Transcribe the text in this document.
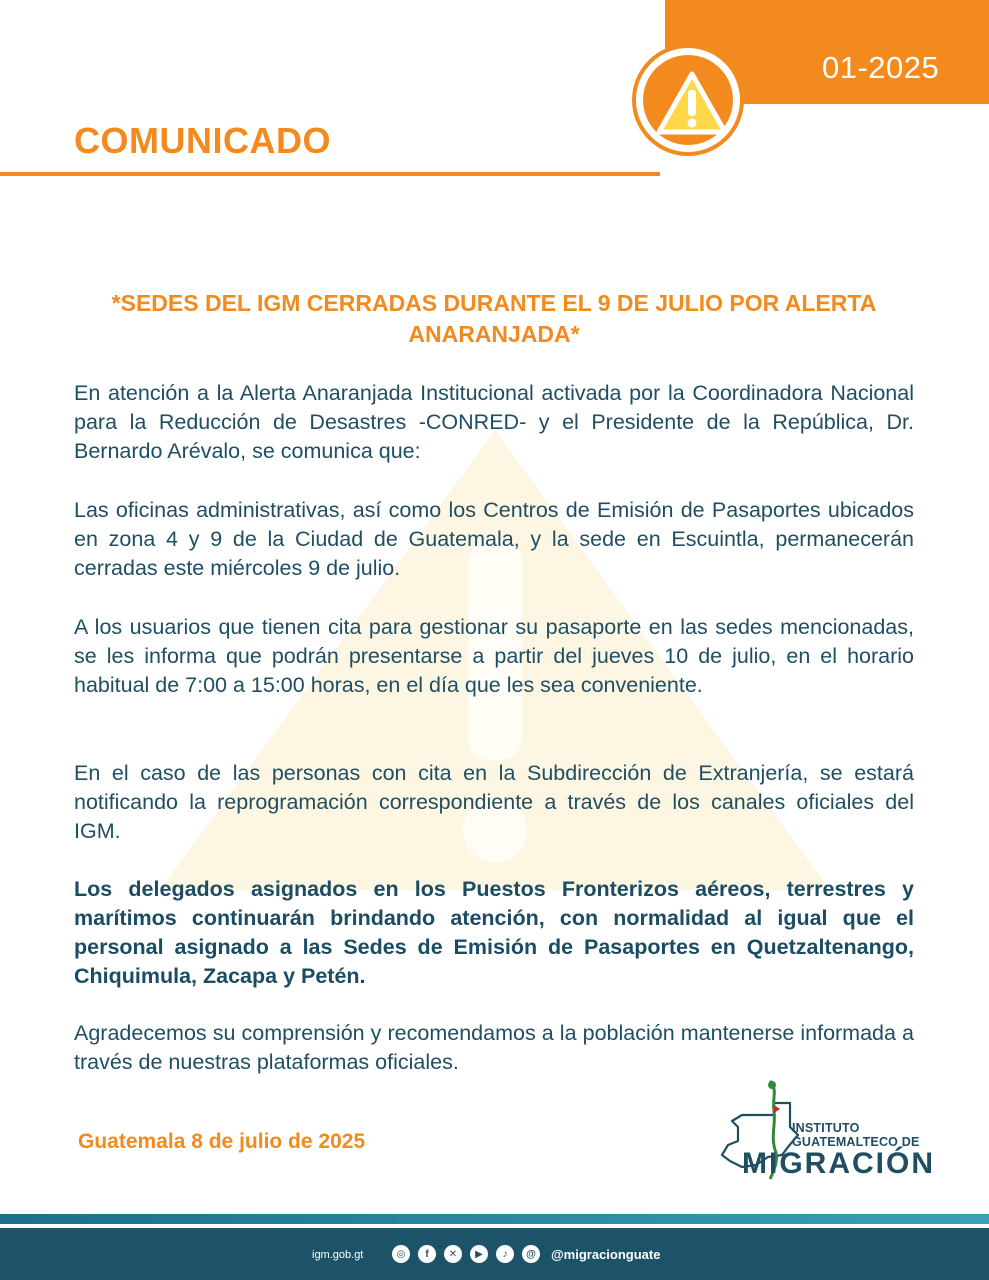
01-2025
COMUNICADO
*SEDES DEL IGM CERRADAS DURANTE EL 9 DE JULIO POR ALERTA ANARANJADA*
En atención a la Alerta Anaranjada Institucional activada por la Coordinadora Nacional para la Reducción de Desastres -CONRED- y el Presidente de la República, Dr. Bernardo Arévalo, se comunica que:
Las oficinas administrativas, así como los Centros de Emisión de Pasaportes ubicados en zona 4 y 9 de la Ciudad de Guatemala, y la sede en Escuintla, permanecerán cerradas este miércoles 9 de julio.
A los usuarios que tienen cita para gestionar su pasaporte en las sedes mencionadas, se les informa que podrán presentarse a partir del jueves 10 de julio, en el horario habitual de 7:00 a 15:00 horas, en el día que les sea conveniente.
En el caso de las personas con cita en la Subdirección de Extranjería, se estará notificando la reprogramación correspondiente a través de los canales oficiales del IGM.
Los delegados asignados en los Puestos Fronterizos aéreos, terrestres y marítimos continuarán brindando atención, con normalidad al igual que el personal asignado a las Sedes de Emisión de Pasaportes en Quetzaltenango, Chiquimula, Zacapa y Petén.
Agradecemos su comprensión y recomendamos a la población mantenerse informada a través de nuestras plataformas oficiales.
Guatemala 8 de julio de 2025
INSTITUTO
GUATEMALTECO DE
MIGRACIÓN
igm.gob.gt	◎	f	✕	▶	♪	@	@migracionguate
